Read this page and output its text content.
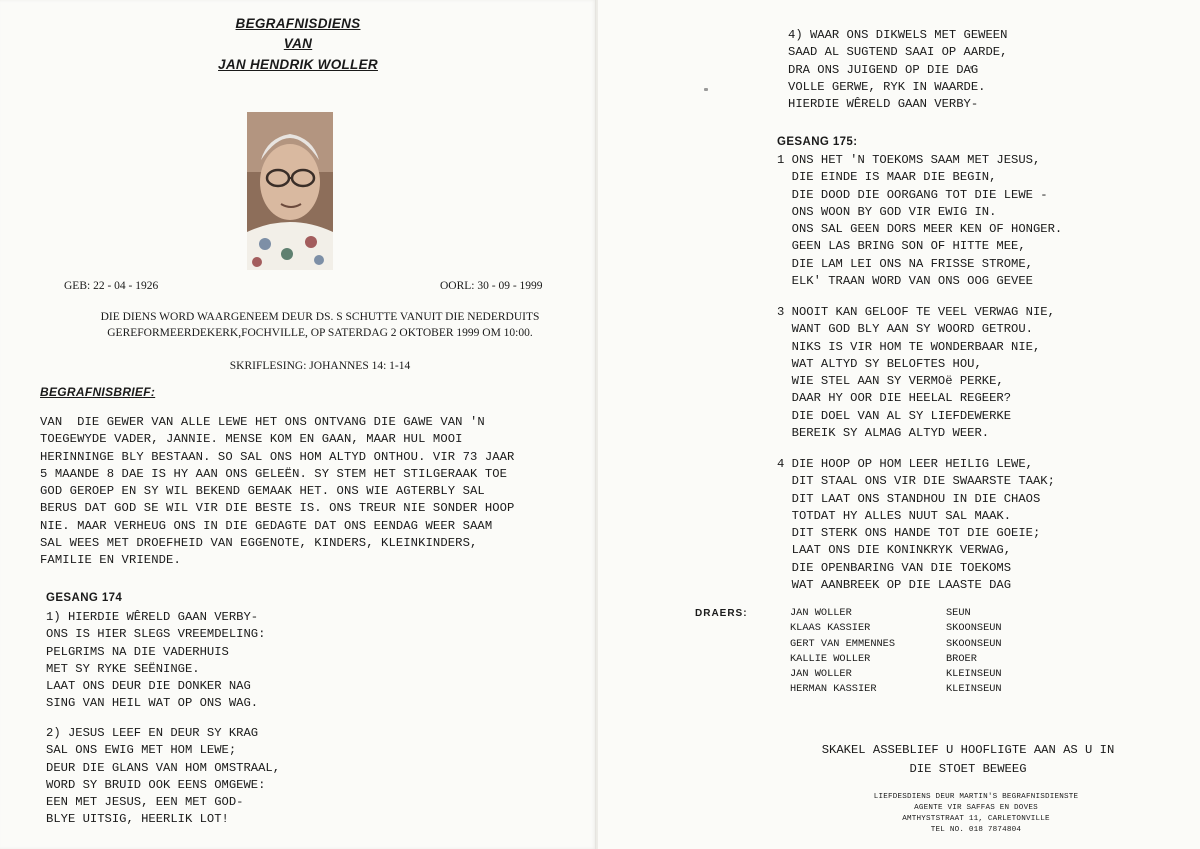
BEGRAFNISDIENS
VAN
JAN HENDRIK WOLLER
GEB: 22 - 04 - 1926	OORL: 30 - 09 - 1999
DIE DIENS WORD WAARGENEEM DEUR DS. S SCHUTTE VANUIT DIE NEDERDUITS
GEREFORMEERDEKERK,FOCHVILLE, OP SATERDAG 2 OKTOBER 1999 OM 10:00.
SKRIFLESING: JOHANNES 14: 1-14
BEGRAFNISBRIEF:
VAN  DIE GEWER VAN ALLE LEWE HET ONS ONTVANG DIE GAWE VAN 'N
TOEGEWYDE VADER, JANNIE. MENSE KOM EN GAAN, MAAR HUL MOOI
HERINNINGE BLY BESTAAN. SO SAL ONS HOM ALTYD ONTHOU. VIR 73 JAAR
5 MAANDE 8 DAE IS HY AAN ONS GELEËN. SY STEM HET STILGERAAK TOE
GOD GEROEP EN SY WIL BEKEND GEMAAK HET. ONS WIE AGTERBLY SAL
BERUS DAT GOD SE WIL VIR DIE BESTE IS. ONS TREUR NIE SONDER HOOP
NIE. MAAR VERHEUG ONS IN DIE GEDAGTE DAT ONS EENDAG WEER SAAM
SAL WEES MET DROEFHEID VAN EGGENOTE, KINDERS, KLEINKINDERS,
FAMILIE EN VRIENDE.
GESANG 174
1) HIERDIE WÊRELD GAAN VERBY-
ONS IS HIER SLEGS VREEMDELING:
PELGRIMS NA DIE VADERHUIS
MET SY RYKE SEËNINGE.
LAAT ONS DEUR DIE DONKER NAG
SING VAN HEIL WAT OP ONS WAG.
2) JESUS LEEF EN DEUR SY KRAG
SAL ONS EWIG MET HOM LEWE;
DEUR DIE GLANS VAN HOM OMSTRAAL,
WORD SY BRUID OOK EENS OMGEWE:
EEN MET JESUS, EEN MET GOD-
BLYE UITSIG, HEERLIK LOT!
4) WAAR ONS DIKWELS MET GEWEEN
SAAD AL SUGTEND SAAI OP AARDE,
DRA ONS JUIGEND OP DIE DAG
VOLLE GERWE, RYK IN WAARDE.
HIERDIE WÊRELD GAAN VERBY-
GESANG 175:
1 ONS HET 'N TOEKOMS SAAM MET JESUS,
DIE EINDE IS MAAR DIE BEGIN,
DIE DOOD DIE OORGANG TOT DIE LEWE -
ONS WOON BY GOD VIR EWIG IN.
ONS SAL GEEN DORS MEER KEN OF HONGER.
GEEN LAS BRING SON OF HITTE MEE,
DIE LAM LEI ONS NA FRISSE STROME,
ELK' TRAAN WORD VAN ONS OOG GEVEE
3 NOOIT KAN GELOOF TE VEEL VERWAG NIE,
WANT GOD BLY AAN SY WOORD GETROU.
NIKS IS VIR HOM TE WONDERBAAR NIE,
WAT ALTYD SY BELOFTES HOU,
WIE STEL AAN SY VERMOë PERKE,
DAAR HY OOR DIE HEELAL REGEER?
DIE DOEL VAN AL SY LIEFDEWERKE
BEREIK SY ALMAG ALTYD WEER.
4 DIE HOOP OP HOM LEER HEILIG LEWE,
DIT STAAL ONS VIR DIE SWAARSTE TAAK;
DIT LAAT ONS STANDHOU IN DIE CHAOS
TOTDAT HY ALLES NUUT SAL MAAK.
DIT STERK ONS HANDE TOT DIE GOEIE;
LAAT ONS DIE KONINKRYK VERWAG,
DIE OPENBARING VAN DIE TOEKOMS
WAT AANBREEK OP DIE LAASTE DAG
DRAERS:	JAN WOLLER
KLAAS KASSIER
GERT VAN EMMENNES
KALLIE WOLLER
JAN WOLLER
HERMAN KASSIER
SEUN
SKOONSEUN
SKOONSEUN
BROER
KLEINSEUN
KLEINSEUN
SKAKEL ASSEBLIEF U HOOFLIGTE AAN AS U IN
DIE STOET BEWEEG
LIEFDESDIENS DEUR MARTIN'S BEGRAFNISDIENSTE
AGENTE VIR SAFFAS EN DOVES
AMTHYSTSTRAAT 11, CARLETONVILLE
TEL NO. 018 7874804
